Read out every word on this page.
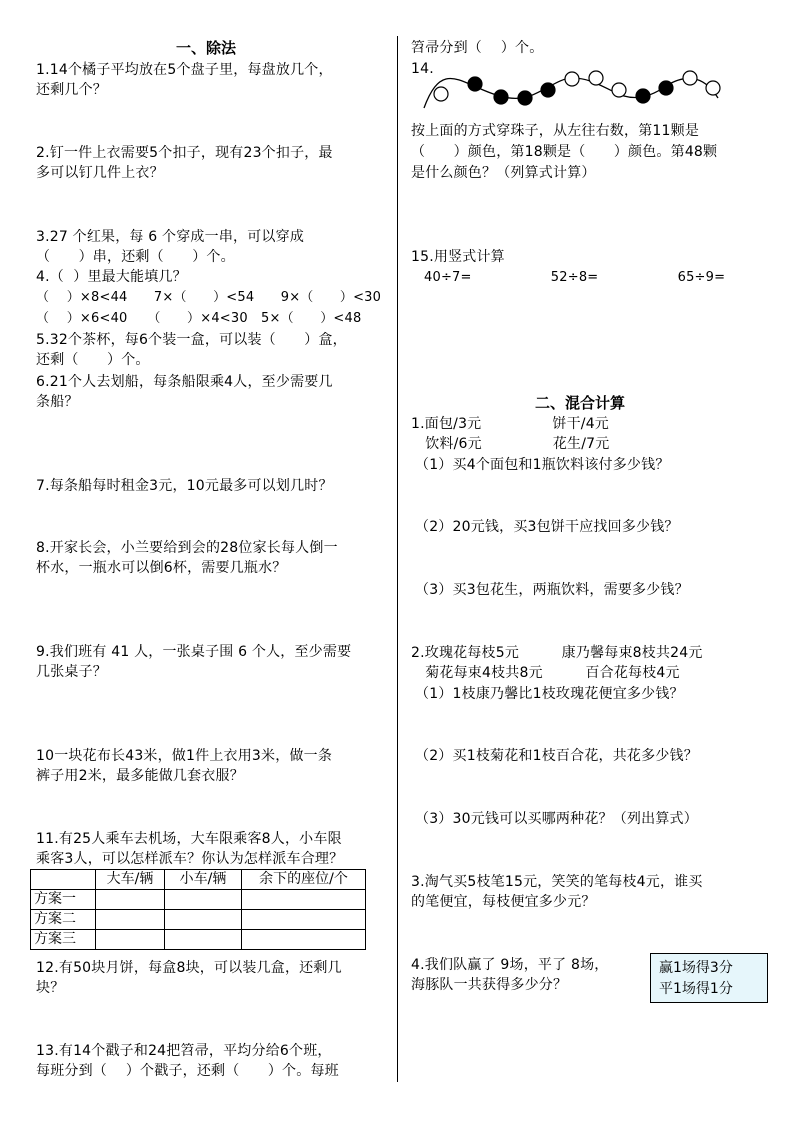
一、除法
1.14个橘子平均放在5个盘子里，每盘放几个，
还剩几个？
2.钉一件上衣需要5个扣子，现有23个扣子，最
多可以钉几件上衣？
3.27 个红果，每 6 个穿成一串，可以穿成
（　　）串，还剩（　　）个。
4.（  ）里最大能填几？
（　 ）×8<44　　7×（　　）<54　　9×（　　）<30
（　 ）×6<40　　（　　）×4<30　5×（　　）<48
5.32个茶杯，每6个装一盒，可以装（　　）盒，
还剩（　　）个。
6.21个人去划船，每条船限乘4人，至少需要几
条船？
7.每条船每时租金3元，10元最多可以划几时？
8.开家长会，小兰要给到会的28位家长每人倒一
杯水，一瓶水可以倒6杯，需要几瓶水？
9.我们班有 41 人，一张桌子围 6 个人，至少需要
几张桌子？
10一块花布长43米，做1件上衣用3米，做一条
裤子用2米，最多能做几套衣服？
11.有25人乘车去机场，大车限乘客8人，小车限
乘客3人，可以怎样派车？你认为怎样派车合理？
	大车/辆	小车/辆	余下的座位/个
方案一			
方案二			
方案三			
12.有50块月饼，每盒8块，可以装几盒，还剩几
块？
13.有14个戳子和24把笤帚，平均分给6个班，
每班分到（　 ）个戳子，还剩（　　）个。每班
笤帚分到（　 ）个。
14.
按上面的方式穿珠子，从左往右数，第11颗是
（　　）颜色，第18颗是（　　）颜色。第48颗
是什么颜色？（列算式计算）
15.用竖式计算
40÷7=　　　　　　52÷8=　　　　　　65÷9=
二、混合计算
1.面包/3元　　　　　饼干/4元
　饮料/6元　　　　　花生/7元
（1）买4个面包和1瓶饮料该付多少钱？
（2）20元钱，买3包饼干应找回多少钱？
（3）买3包花生，两瓶饮料，需要多少钱？
2.玫瑰花每枝5元　　　康乃馨每束8枝共24元
　菊花每束4枝共8元　　　百合花每枝4元
（1）1枝康乃馨比1枝玫瑰花便宜多少钱？
（2）买1枝菊花和1枝百合花，共花多少钱？
（3）30元钱可以买哪两种花？（列出算式）
3.淘气买5枝笔15元，笑笑的笔每枝4元，谁买
的笔便宜，每枝便宜多少元？
4.我们队赢了 9场，平了 8场，
海豚队一共获得多少分？
赢1场得3分
平1场得1分
